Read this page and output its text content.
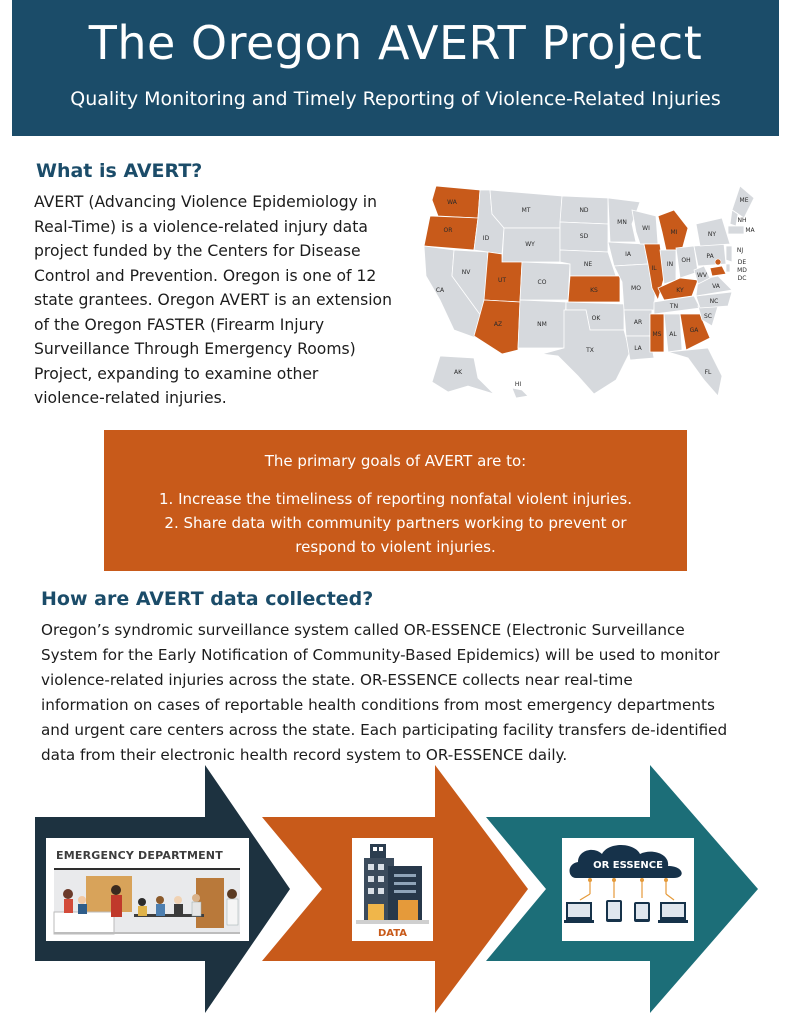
The Oregon AVERT Project
Quality Monitoring and Timely Reporting of Violence-Related Injuries
What is AVERT?
AVERT (Advancing Violence Epidemiology in
Real-Time) is a violence-related injury data
project funded by the Centers for Disease
Control and Prevention. Oregon is one of 12
state grantees. Oregon AVERT is an extension
of the Oregon FASTER (Firearm Injury
Surveillance Through Emergency Rooms)
Project, expanding to examine other
violence-related injuries.
WA
OR
CA
NV
ID
MT
WY
UT
AZ
CO
NM
ND
SD
NE
KS
OK
TX
MN
IA
MO
WI
IL
MI
IN
OH
AR
LA
KY
TN
MS AL
GA
FL
SC
NC
VA
WV
PA
NY
ME
NH
MA
NJ
DE
MD
DC
AK
HI
The primary goals of AVERT are to:
1. Increase the timeliness of reporting nonfatal violent injuries.
2. Share data with community partners working to prevent or
respond to violent injuries.
How are AVERT data collected?
Oregon’s syndromic surveillance system called OR-ESSENCE (Electronic Surveillance
System for the Early Notification of Community-Based Epidemics) will be used to monitor
violence-related injuries across the state. OR-ESSENCE collects near real-time
information on cases of reportable health conditions from most emergency departments
and urgent care centers across the state. Each participating facility transfers de-identified
data from their electronic health record system to OR-ESSENCE daily.
EMERGENCY DEPARTMENT
DATA
OR ESSENCE
